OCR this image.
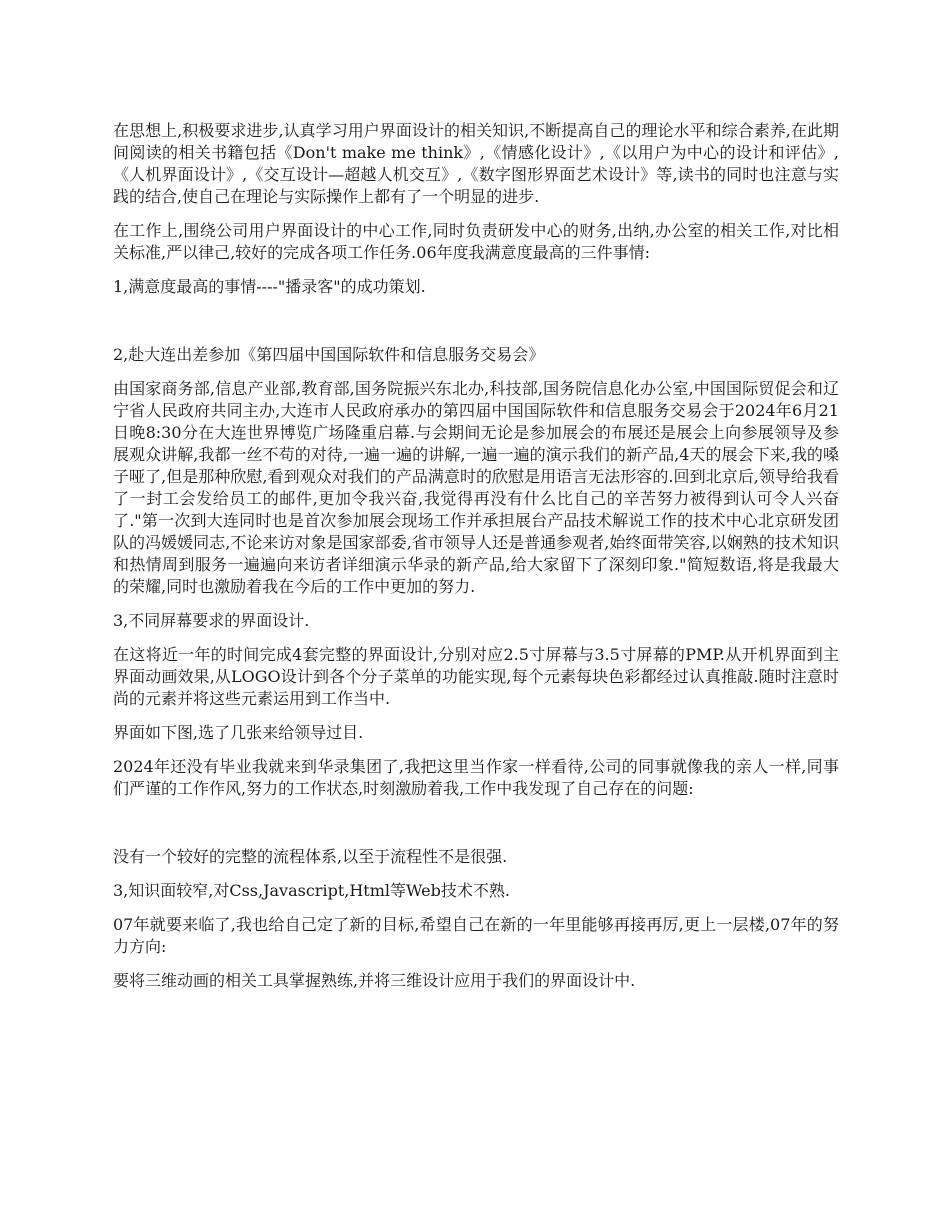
在思想上,积极要求进步,认真学习用户界面设计的相关知识,不断提高自己的理论水平和综合素养,在此期间阅读的相关书籍包括《Don't make me think》,《情感化设计》,《以用户为中心的设计和评估》,《人机界面设计》,《交互设计—超越人机交互》,《数字图形界面艺术设计》等,读书的同时也注意与实践的结合,使自己在理论与实际操作上都有了一个明显的进步.

在工作上,围绕公司用户界面设计的中心工作,同时负责研发中心的财务,出纳,办公室的相关工作,对比相关标准,严以律己,较好的完成各项工作任务.06年度我满意度最高的三件事情:

1,满意度最高的事情----"播录客"的成功策划.

2,赴大连出差参加《第四届中国国际软件和信息服务交易会》

由国家商务部,信息产业部,教育部,国务院振兴东北办,科技部,国务院信息化办公室,中国国际贸促会和辽宁省人民政府共同主办,大连市人民政府承办的第四届中国国际软件和信息服务交易会于2024年6月21日晚8:30分在大连世界博览广场隆重启幕.与会期间无论是参加展会的布展还是展会上向参展领导及参展观众讲解,我都一丝不苟的对待,一遍一遍的讲解,一遍一遍的演示我们的新产品,4天的展会下来,我的嗓子哑了,但是那种欣慰,看到观众对我们的产品满意时的欣慰是用语言无法形容的.回到北京后,领导给我看了一封工会发给员工的邮件,更加令我兴奋,我觉得再没有什么比自己的辛苦努力被得到认可令人兴奋了."第一次到大连同时也是首次参加展会现场工作并承担展台产品技术解说工作的技术中心北京研发团队的冯媛媛同志,不论来访对象是国家部委,省市领导人还是普通参观者,始终面带笑容,以娴熟的技术知识和热情周到服务一遍遍向来访者详细演示华录的新产品,给大家留下了深刻印象."简短数语,将是我最大的荣耀,同时也激励着我在今后的工作中更加的努力.

3,不同屏幕要求的界面设计.

在这将近一年的时间完成4套完整的界面设计,分别对应2.5寸屏幕与3.5寸屏幕的PMP.从开机界面到主界面动画效果,从LOGO设计到各个分子菜单的功能实现,每个元素每块色彩都经过认真推敲.随时注意时尚的元素并将这些元素运用到工作当中.

界面如下图,选了几张来给领导过目.

2024年还没有毕业我就来到华录集团了,我把这里当作家一样看待,公司的同事就像我的亲人一样,同事们严谨的工作作风,努力的工作状态,时刻激励着我,工作中我发现了自己存在的问题:

没有一个较好的完整的流程体系,以至于流程性不是很强.

3,知识面较窄,对Css,Javascript,Html等Web技术不熟.

07年就要来临了,我也给自己定了新的目标,希望自己在新的一年里能够再接再厉,更上一层楼,07年的努力方向:

要将三维动画的相关工具掌握熟练,并将三维设计应用于我们的界面设计中.
